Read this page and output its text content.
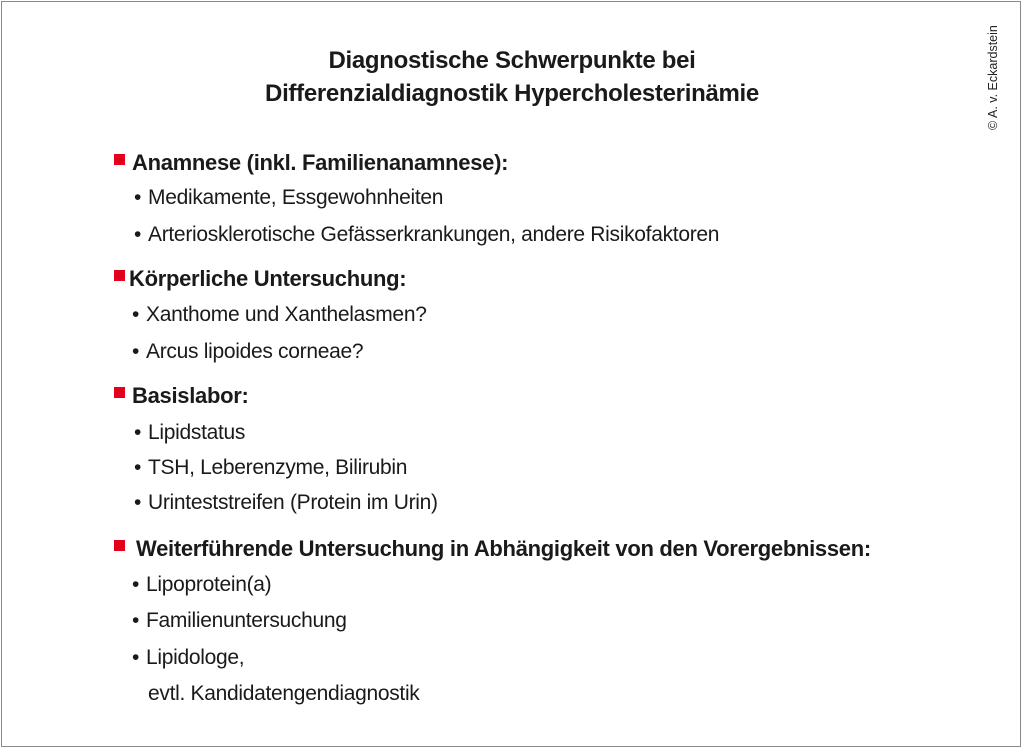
Diagnostische Schwerpunkte bei
Differenzialdiagnostik Hypercholesterinämie	© A. v. Eckardstein
Anamnese (inkl. Familienanamnese):
• Medikamente, Essgewohnheiten
• Arteriosklerotische Gefässerkrankungen, andere Risikofaktoren
Körperliche Untersuchung:
• Xanthome und Xanthelasmen?
• Arcus lipoides corneae?
Basislabor:
• Lipidstatus
• TSH, Leberenzyme, Bilirubin
• Urinteststreifen (Protein im Urin)
Weiterführende Untersuchung in Abhängigkeit von den Vorergebnissen:
• Lipoprotein(a)
• Familienuntersuchung
• Lipidologe,
evtl. Kandidatengendiagnostik
